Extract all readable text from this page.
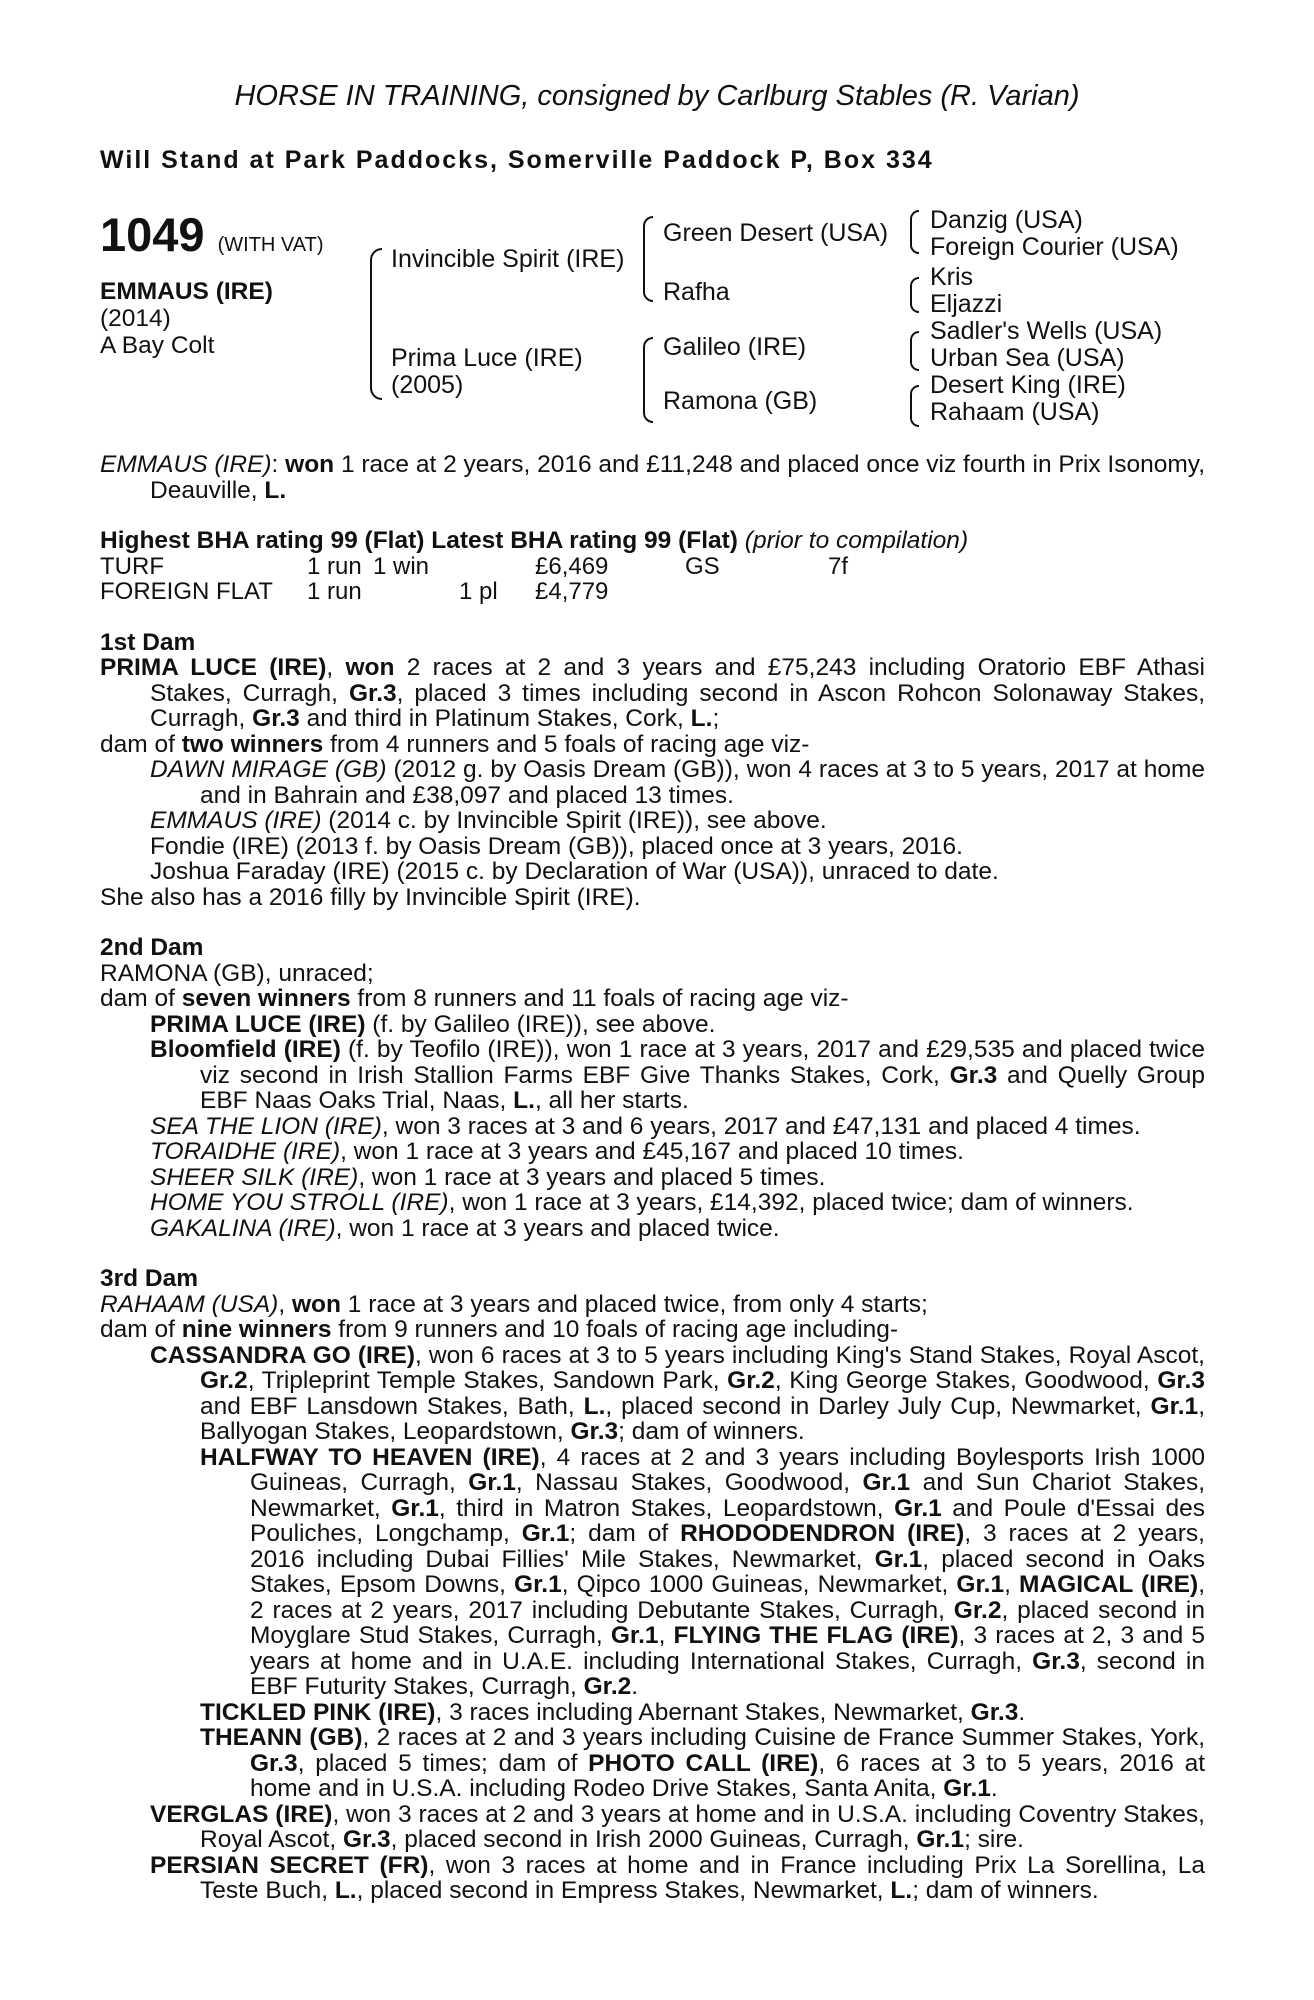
HORSE IN TRAINING, consigned by Carlburg Stables (R. Varian)
Will Stand at Park Paddocks, Somerville Paddock P, Box 334
1049 (WITH VAT)
EMMAUS (IRE)
(2014)
A Bay Colt
Invincible Spirit (IRE)
Prima Luce (IRE)
(2005)
Green Desert (USA)
Rafha
Galileo (IRE)
Ramona (GB)
Danzig (USA)
Foreign Courier (USA)
Kris
Eljazzi
Sadler's Wells (USA)
Urban Sea (USA)
Desert King (IRE)
Rahaam (USA)

EMMAUS (IRE): won 1 race at 2 years, 2016 and £11,248 and placed once viz fourth in Prix Isonomy, Deauville, L.

Highest BHA rating 99 (Flat) Latest BHA rating 99 (Flat) (prior to compilation)
TURF	1 run	1 win		£6,469	GS	7f
FOREIGN FLAT	1 run		1 pl	£4,779		
1st Dam

PRIMA LUCE (IRE), won 2 races at 2 and 3 years and £75,243 including Oratorio EBF Athasi Stakes, Curragh, Gr.3, placed 3 times including second in Ascon Rohcon Solonaway Stakes, Curragh, Gr.3 and third in Platinum Stakes, Cork, L.;

dam of two winners from 4 runners and 5 foals of racing age viz-

DAWN MIRAGE (GB) (2012 g. by Oasis Dream (GB)), won 4 races at 3 to 5 years, 2017 at home and in Bahrain and £38,097 and placed 13 times.

EMMAUS (IRE) (2014 c. by Invincible Spirit (IRE)), see above.

Fondie (IRE) (2013 f. by Oasis Dream (GB)), placed once at 3 years, 2016.

Joshua Faraday (IRE) (2015 c. by Declaration of War (USA)), unraced to date.

She also has a 2016 filly by Invincible Spirit (IRE).

2nd Dam

RAMONA (GB), unraced;

dam of seven winners from 8 runners and 11 foals of racing age viz-

PRIMA LUCE (IRE) (f. by Galileo (IRE)), see above.

Bloomfield (IRE) (f. by Teofilo (IRE)), won 1 race at 3 years, 2017 and £29,535 and placed twice viz second in Irish Stallion Farms EBF Give Thanks Stakes, Cork, Gr.3 and Quelly Group EBF Naas Oaks Trial, Naas, L., all her starts.

SEA THE LION (IRE), won 3 races at 3 and 6 years, 2017 and £47,131 and placed 4 times.

TORAIDHE (IRE), won 1 race at 3 years and £45,167 and placed 10 times.

SHEER SILK (IRE), won 1 race at 3 years and placed 5 times.

HOME YOU STROLL (IRE), won 1 race at 3 years, £14,392, placed twice; dam of winners.

GAKALINA (IRE), won 1 race at 3 years and placed twice.

3rd Dam

RAHAAM (USA), won 1 race at 3 years and placed twice, from only 4 starts;

dam of nine winners from 9 runners and 10 foals of racing age including-

CASSANDRA GO (IRE), won 6 races at 3 to 5 years including King's Stand Stakes, Royal Ascot, Gr.2, Tripleprint Temple Stakes, Sandown Park, Gr.2, King George Stakes, Goodwood, Gr.3 and EBF Lansdown Stakes, Bath, L., placed second in Darley July Cup, Newmarket, Gr.1, Ballyogan Stakes, Leopardstown, Gr.3; dam of winners.

HALFWAY TO HEAVEN (IRE), 4 races at 2 and 3 years including Boylesports Irish 1000 Guineas, Curragh, Gr.1, Nassau Stakes, Goodwood, Gr.1 and Sun Chariot Stakes, Newmarket, Gr.1, third in Matron Stakes, Leopardstown, Gr.1 and Poule d'Essai des Pouliches, Longchamp, Gr.1; dam of RHODODENDRON (IRE), 3 races at 2 years, 2016 including Dubai Fillies' Mile Stakes, Newmarket, Gr.1, placed second in Oaks Stakes, Epsom Downs, Gr.1, Qipco 1000 Guineas, Newmarket, Gr.1, MAGICAL (IRE), 2 races at 2 years, 2017 including Debutante Stakes, Curragh, Gr.2, placed second in Moyglare Stud Stakes, Curragh, Gr.1, FLYING THE FLAG (IRE), 3 races at 2, 3 and 5 years at home and in U.A.E. including International Stakes, Curragh, Gr.3, second in EBF Futurity Stakes, Curragh, Gr.2.

TICKLED PINK (IRE), 3 races including Abernant Stakes, Newmarket, Gr.3.

THEANN (GB), 2 races at 2 and 3 years including Cuisine de France Summer Stakes, York, Gr.3, placed 5 times; dam of PHOTO CALL (IRE), 6 races at 3 to 5 years, 2016 at home and in U.S.A. including Rodeo Drive Stakes, Santa Anita, Gr.1.

VERGLAS (IRE), won 3 races at 2 and 3 years at home and in U.S.A. including Coventry Stakes, Royal Ascot, Gr.3, placed second in Irish 2000 Guineas, Curragh, Gr.1; sire.

PERSIAN SECRET (FR), won 3 races at home and in France including Prix La Sorellina, La Teste Buch, L., placed second in Empress Stakes, Newmarket, L.; dam of winners.
